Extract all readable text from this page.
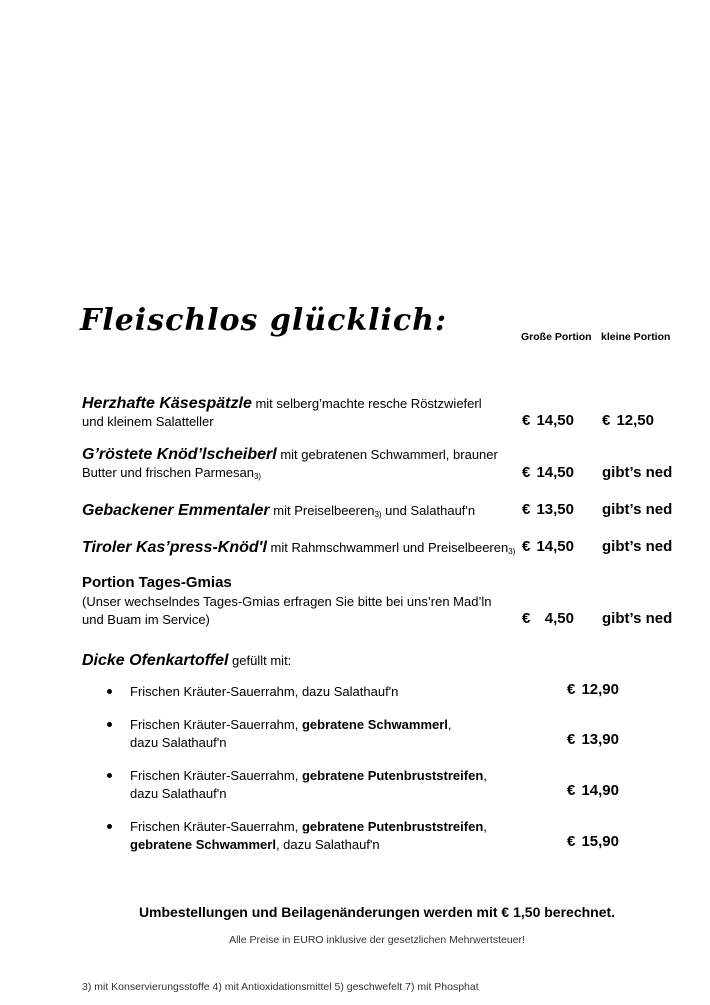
Fleischlos glücklich:	Große Portion kleine Portion
Herzhafte Käsespätzle mit selberg’machte resche Röstzwieferl
und kleinem Salatteller	€ 14,50 € 12,50
G’röstete Knöd’lscheiberl mit gebratenen Schwammerl, brauner
Butter und frischen Parmesan3)	€ 14,50 gibt’s ned
Gebackener Emmentaler mit Preiselbeeren3) und Salathauf'n	€ 13,50 gibt’s ned
Tiroler Kas’press-Knöd'l mit Rahmschwammerl und Preiselbeeren3) € 14,50 gibt’s ned
Portion Tages-Gmias
(Unser wechselndes Tages-Gmias erfragen Sie bitte bei uns’ren Mad’ln
und Buam im Service)	€ 4,50 gibt’s ned
Dicke Ofenkartoffel gefüllt mit:
Frischen Kräuter-Sauerrahm, dazu Salathauf'n	€ 12,90
Frischen Kräuter-Sauerrahm, gebratene Schwammerl,
dazu Salathauf'n	€ 13,90
Frischen Kräuter-Sauerrahm, gebratene Putenbruststreifen,
dazu Salathauf'n	€ 14,90
Frischen Kräuter-Sauerrahm, gebratene Putenbruststreifen,
gebratene Schwammerl, dazu Salathauf'n	€ 15,90
Umbestellungen und Beilagenänderungen werden mit € 1,50 berechnet.
Alle Preise in EURO inklusive der gesetzlichen Mehrwertsteuer!
3) mit Konservierungsstoffe 4) mit Antioxidationsmittel 5) geschwefelt 7) mit Phosphat
